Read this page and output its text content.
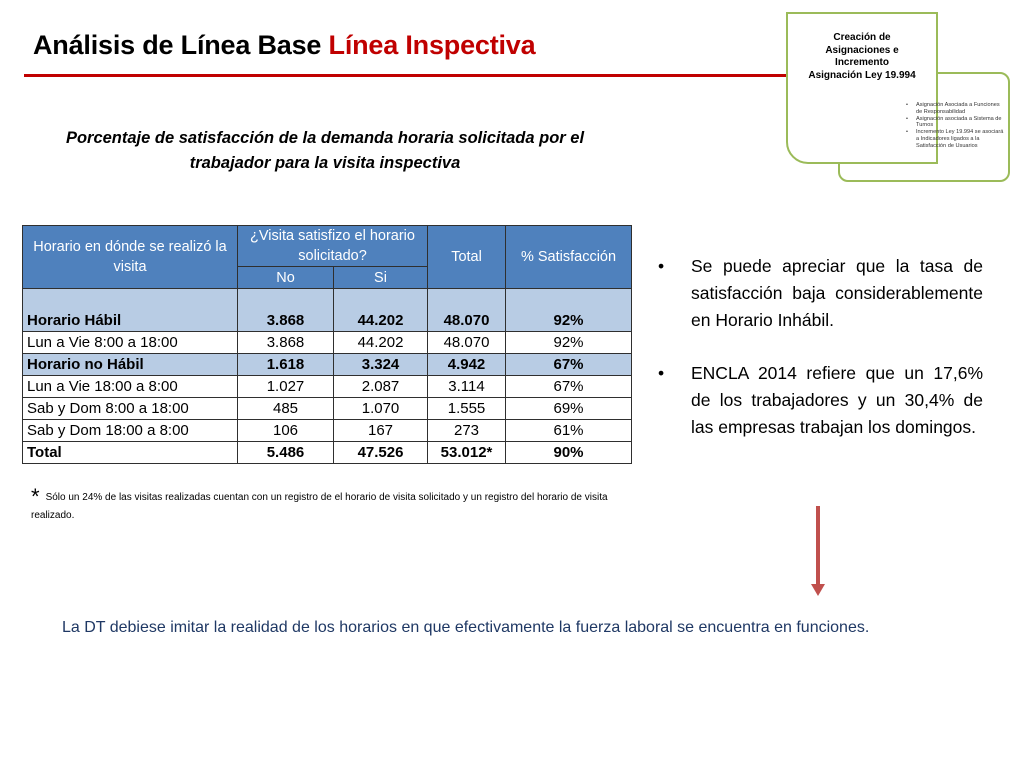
Análisis de Línea Base Línea Inspectiva
Porcentaje de satisfacción de la demanda horaria solicitada por el trabajador para la visita inspectiva
Creación de Asignaciones e Incremento Asignación Ley 19.994
• Asignación Asociada a Funciones de Responsabilidad
• Asignación asociada a Sistema de Turnos
• Incremento Ley 19.994 se asociará a Indicadores ligados a la Satisfacción de Usuarios
Horario en dónde se realizó la visita	¿Visita satisfizo el horario solicitado?		Total	% Satisfacción
	No	Si		
Horario Hábil	3.868	44.202	48.070	92%
Lun a Vie 8:00 a 18:00	3.868	44.202	48.070	92%
Horario no Hábil	1.618	3.324	4.942	67%
Lun a Vie 18:00 a 8:00	1.027	2.087	3.114	67%
Sab y Dom 8:00 a 18:00	485	1.070	1.555	69%
Sab y Dom 18:00 a 8:00	106	167	273	61%
Total	5.486	47.526	53.012*	90%
* Sólo un 24% de las visitas realizadas cuentan con un registro de el horario de visita solicitado y un registro del horario de visita realizado.
• Se puede apreciar que la tasa de satisfacción baja considerablemente en Horario Inhábil.
• ENCLA 2014 refiere que un 17,6% de los trabajadores y un 30,4% de las empresas trabajan los domingos.
La DT debiese imitar la realidad de los horarios en que efectivamente la fuerza laboral se encuentra en funciones.
